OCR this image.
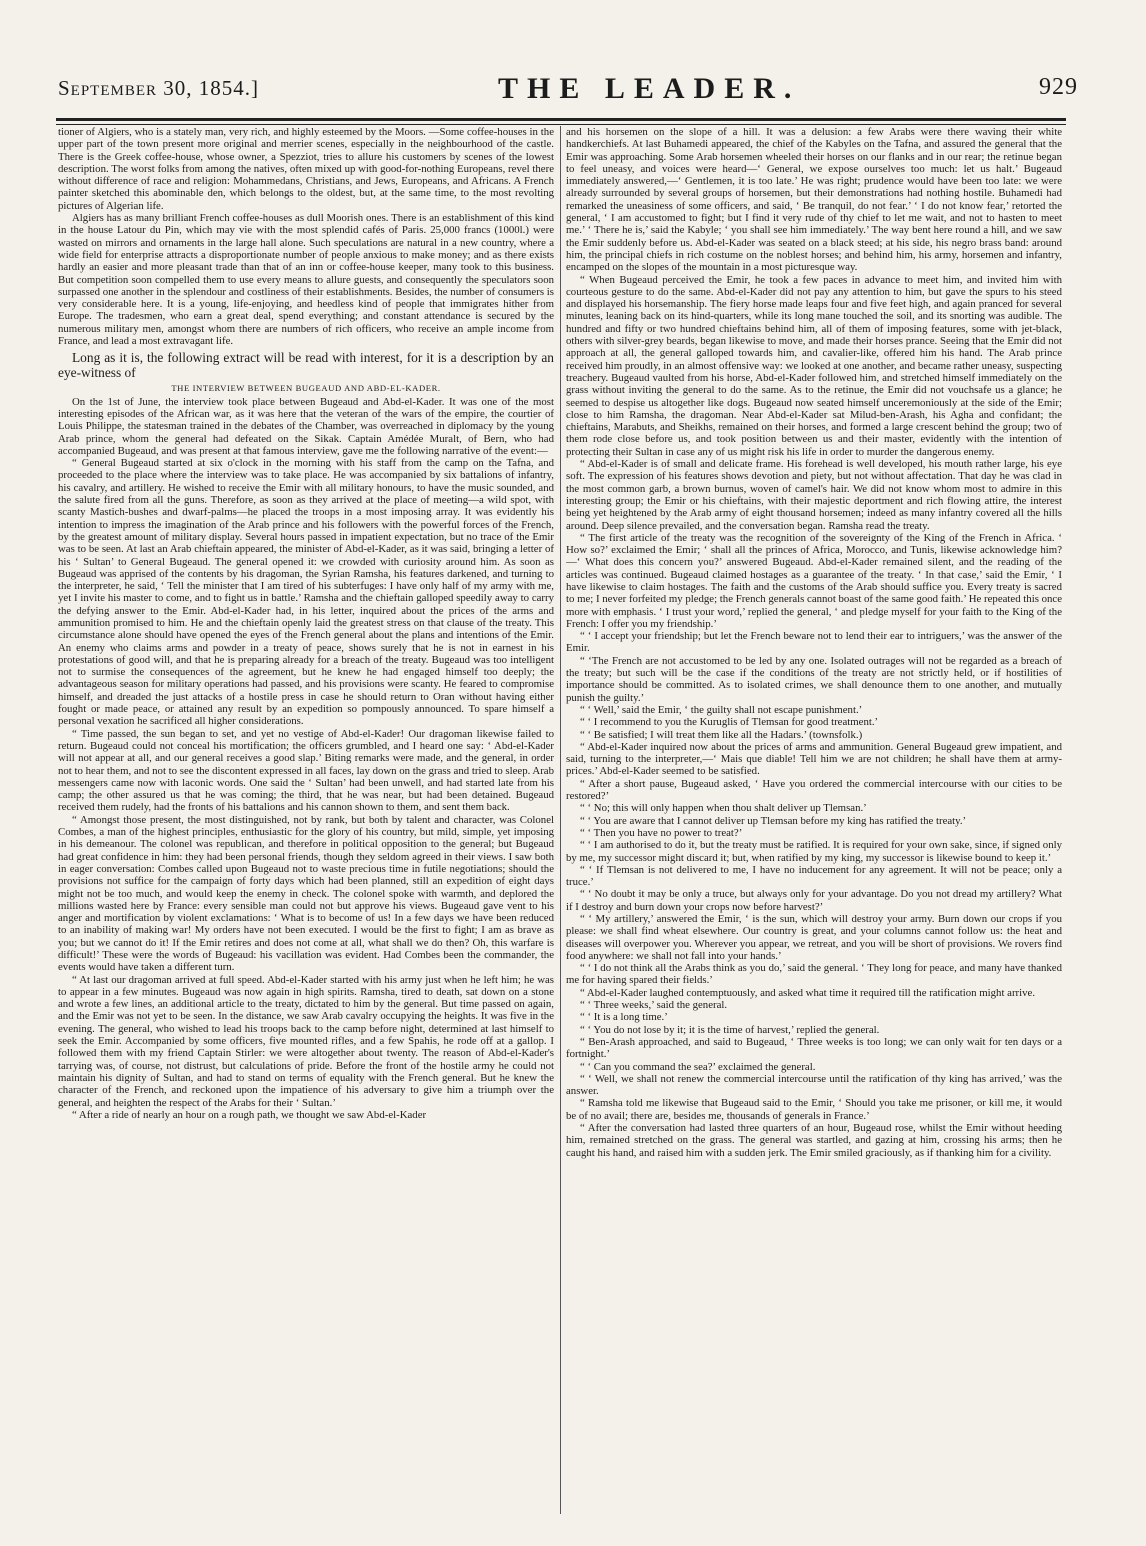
September 30, 1854.]	THE LEADER.	929

tioner of Algiers, who is a stately man, very rich, and highly esteemed by the Moors. —Some coffee-houses in the upper part of the town present more original and merrier scenes, especially in the neighbourhood of the castle. There is the Greek coffee-house, whose owner, a Spezziot, tries to allure his customers by scenes of the lowest description. The worst folks from among the natives, often mixed up with good-for-nothing Europeans, revel there without difference of race and religion: Mohammedans, Christians, and Jews, Europeans, and Africans. A French painter sketched this abominable den, which belongs to the oldest, but, at the same time, to the most revolting pictures of Algerian life.

Algiers has as many brilliant French coffee-houses as dull Moorish ones. There is an establishment of this kind in the house Latour du Pin, which may vie with the most splendid cafés of Paris. 25,000 francs (1000l.) were wasted on mirrors and ornaments in the large hall alone. Such speculations are natural in a new country, where a wide field for enterprise attracts a disproportionate number of people anxious to make money; and as there exists hardly an easier and more pleasant trade than that of an inn or coffee-house keeper, many took to this business. But competition soon compelled them to use every means to allure guests, and consequently the speculators soon surpassed one another in the splendour and costliness of their establishments. Besides, the number of consumers is very considerable here. It is a young, life-enjoying, and heedless kind of people that immigrates hither from Europe. The tradesmen, who earn a great deal, spend everything; and constant attendance is secured by the numerous military men, amongst whom there are numbers of rich officers, who receive an ample income from France, and lead a most extravagant life.

Long as it is, the following extract will be read with interest, for it is a description by an eye-witness of

THE INTERVIEW BETWEEN BUGEAUD AND ABD-EL-KADER.

On the 1st of June, the interview took place between Bugeaud and Abd-el-Kader. It was one of the most interesting episodes of the African war, as it was here that the veteran of the wars of the empire, the courtier of Louis Philippe, the statesman trained in the debates of the Chamber, was overreached in diplomacy by the young Arab prince, whom the general had defeated on the Sikak. Captain Amédée Muralt, of Bern, who had accompanied Bugeaud, and was present at that famous interview, gave me the following narrative of the event:—

“ General Bugeaud started at six o'clock in the morning with his staff from the camp on the Tafna, and proceeded to the place where the interview was to take place. He was accompanied by six battalions of infantry, his cavalry, and artillery. He wished to receive the Emir with all military honours, to have the music sounded, and the salute fired from all the guns. Therefore, as soon as they arrived at the place of meeting—a wild spot, with scanty Mastich-bushes and dwarf-palms—he placed the troops in a most imposing array. It was evidently his intention to impress the imagination of the Arab prince and his followers with the powerful forces of the French, by the greatest amount of military display. Several hours passed in impatient expectation, but no trace of the Emir was to be seen. At last an Arab chieftain appeared, the minister of Abd-el-Kader, as it was said, bringing a letter of his ‘ Sultan’ to General Bugeaud. The general opened it: we crowded with curiosity around him. As soon as Bugeaud was apprised of the contents by his dragoman, the Syrian Ramsha, his features darkened, and turning to the interpreter, he said, ‘ Tell the minister that I am tired of his subterfuges: I have only half of my army with me, yet I invite his master to come, and to fight us in battle.’ Ramsha and the chieftain galloped speedily away to carry the defying answer to the Emir. Abd-el-Kader had, in his letter, inquired about the prices of the arms and ammunition promised to him. He and the chieftain openly laid the greatest stress on that clause of the treaty. This circumstance alone should have opened the eyes of the French general about the plans and intentions of the Emir. An enemy who claims arms and powder in a treaty of peace, shows surely that he is not in earnest in his protestations of good will, and that he is preparing already for a breach of the treaty. Bugeaud was too intelligent not to surmise the consequences of the agreement, but he knew he had engaged himself too deeply; the advantageous season for military operations had passed, and his provisions were scanty. He feared to compromise himself, and dreaded the just attacks of a hostile press in case he should return to Oran without having either fought or made peace, or attained any result by an expedition so pompously announced. To spare himself a personal vexation he sacrificed all higher considerations.

“ Time passed, the sun began to set, and yet no vestige of Abd-el-Kader! Our dragoman likewise failed to return. Bugeaud could not conceal his mortification; the officers grumbled, and I heard one say: ‘ Abd-el-Kader will not appear at all, and our general receives a good slap.’ Biting remarks were made, and the general, in order not to hear them, and not to see the discontent expressed in all faces, lay down on the grass and tried to sleep. Arab messengers came now with laconic words. One said the ‘ Sultan’ had been unwell, and had started late from his camp; the other assured us that he was coming; the third, that he was near, but had been detained. Bugeaud received them rudely, had the fronts of his battalions and his cannon shown to them, and sent them back.

“ Amongst those present, the most distinguished, not by rank, but both by talent and character, was Colonel Combes, a man of the highest principles, enthusiastic for the glory of his country, but mild, simple, yet imposing in his demeanour. The colonel was republican, and therefore in political opposition to the general; but Bugeaud had great confidence in him: they had been personal friends, though they seldom agreed in their views. I saw both in eager conversation: Combes called upon Bugeaud not to waste precious time in futile negotiations; should the provisions not suffice for the campaign of forty days which had been planned, still an expedition of eight days might not be too much, and would keep the enemy in check. The colonel spoke with warmth, and deplored the millions wasted here by France: every sensible man could not but approve his views. Bugeaud gave vent to his anger and mortification by violent exclamations: ‘ What is to become of us! In a few days we have been reduced to an inability of making war! My orders have not been executed. I would be the first to fight; I am as brave as you; but we cannot do it! If the Emir retires and does not come at all, what shall we do then? Oh, this warfare is difficult!’ These were the words of Bugeaud: his vacillation was evident. Had Combes been the commander, the events would have taken a different turn.

“ At last our dragoman arrived at full speed. Abd-el-Kader started with his army just when he left him; he was to appear in a few minutes. Bugeaud was now again in high spirits. Ramsha, tired to death, sat down on a stone and wrote a few lines, an additional article to the treaty, dictated to him by the general. But time passed on again, and the Emir was not yet to be seen. In the distance, we saw Arab cavalry occupying the heights. It was five in the evening. The general, who wished to lead his troops back to the camp before night, determined at last himself to seek the Emir. Accompanied by some officers, five mounted rifles, and a few Spahis, he rode off at a gallop. I followed them with my friend Captain Stirler: we were altogether about twenty. The reason of Abd-el-Kader's tarrying was, of course, not distrust, but calculations of pride. Before the front of the hostile army he could not maintain his dignity of Sultan, and had to stand on terms of equality with the French general. But he knew the character of the French, and reckoned upon the impatience of his adversary to give him a triumph over the general, and heighten the respect of the Arabs for their ‘ Sultan.’

“ After a ride of nearly an hour on a rough path, we thought we saw Abd-el-Kader

and his horsemen on the slope of a hill. It was a delusion: a few Arabs were there waving their white handkerchiefs. At last Buhamedi appeared, the chief of the Kabyles on the Tafna, and assured the general that the Emir was approaching. Some Arab horsemen wheeled their horses on our flanks and in our rear; the retinue began to feel uneasy, and voices were heard—‘ General, we expose ourselves too much: let us halt.’ Bugeaud immediately answered,—‘ Gentlemen, it is too late.’ He was right; prudence would have been too late: we were already surrounded by several groups of horsemen, but their demonstrations had nothing hostile. Buhamedi had remarked the uneasiness of some officers, and said, ‘ Be tranquil, do not fear.’ ‘ I do not know fear,’ retorted the general, ‘ I am accustomed to fight; but I find it very rude of thy chief to let me wait, and not to hasten to meet me.’ ‘ There he is,’ said the Kabyle; ‘ you shall see him immediately.’ The way bent here round a hill, and we saw the Emir suddenly before us. Abd-el-Kader was seated on a black steed; at his side, his negro brass band: around him, the principal chiefs in rich costume on the noblest horses; and behind him, his army, horsemen and infantry, encamped on the slopes of the mountain in a most picturesque way.

“ When Bugeaud perceived the Emir, he took a few paces in advance to meet him, and invited him with courteous gesture to do the same. Abd-el-Kader did not pay any attention to him, but gave the spurs to his steed and displayed his horsemanship. The fiery horse made leaps four and five feet high, and again pranced for several minutes, leaning back on its hind-quarters, while its long mane touched the soil, and its snorting was audible. The hundred and fifty or two hundred chieftains behind him, all of them of imposing features, some with jet-black, others with silver-grey beards, began likewise to move, and made their horses prance. Seeing that the Emir did not approach at all, the general galloped towards him, and cavalier-like, offered him his hand. The Arab prince received him proudly, in an almost offensive way: we looked at one another, and became rather uneasy, suspecting treachery. Bugeaud vaulted from his horse, Abd-el-Kader followed him, and stretched himself immediately on the grass without inviting the general to do the same. As to the retinue, the Emir did not vouchsafe us a glance; he seemed to despise us altogether like dogs. Bugeaud now seated himself unceremoniously at the side of the Emir; close to him Ramsha, the dragoman. Near Abd-el-Kader sat Milud-ben-Arash, his Agha and confidant; the chieftains, Marabuts, and Sheikhs, remained on their horses, and formed a large crescent behind the group; two of them rode close before us, and took position between us and their master, evidently with the intention of protecting their Sultan in case any of us might risk his life in order to murder the dangerous enemy.

“ Abd-el-Kader is of small and delicate frame. His forehead is well developed, his mouth rather large, his eye soft. The expression of his features shows devotion and piety, but not without affectation. That day he was clad in the most common garb, a brown burnus, woven of camel's hair. We did not know whom most to admire in this interesting group; the Emir or his chieftains, with their majestic deportment and rich flowing attire, the interest being yet heightened by the Arab army of eight thousand horsemen; indeed as many infantry covered all the hills around. Deep silence prevailed, and the conversation began. Ramsha read the treaty.

“ The first article of the treaty was the recognition of the sovereignty of the King of the French in Africa. ‘ How so?’ exclaimed the Emir; ‘ shall all the princes of Africa, Morocco, and Tunis, likewise acknowledge him?—‘ What does this concern you?’ answered Bugeaud. Abd-el-Kader remained silent, and the reading of the articles was continued. Bugeaud claimed hostages as a guarantee of the treaty. ‘ In that case,’ said the Emir, ‘ I have likewise to claim hostages. The faith and the customs of the Arab should suffice you. Every treaty is sacred to me; I never forfeited my pledge; the French generals cannot boast of the same good faith.’ He repeated this once more with emphasis. ‘ I trust your word,’ replied the general, ‘ and pledge myself for your faith to the King of the French: I offer you my friendship.’

“ ‘ I accept your friendship; but let the French beware not to lend their ear to intriguers,’ was the answer of the Emir.

“ ‘The French are not accustomed to be led by any one. Isolated outrages will not be regarded as a breach of the treaty; but such will be the case if the conditions of the treaty are not strictly held, or if hostilities of importance should be committed. As to isolated crimes, we shall denounce them to one another, and mutually punish the guilty.’

“ ‘ Well,’ said the Emir, ‘ the guilty shall not escape punishment.’

“ ‘ I recommend to you the Kuruglis of Tlemsan for good treatment.’

“ ‘ Be satisfied; I will treat them like all the Hadars.’ (townsfolk.)

“ Abd-el-Kader inquired now about the prices of arms and ammunition. General Bugeaud grew impatient, and said, turning to the interpreter,—‘ Mais que diable! Tell him we are not children; he shall have them at army-prices.’ Abd-el-Kader seemed to be satisfied.

“ After a short pause, Bugeaud asked, ‘ Have you ordered the commercial intercourse with our cities to be restored?’

“ ‘ No; this will only happen when thou shalt deliver up Tlemsan.’

“ ‘ You are aware that I cannot deliver up Tlemsan before my king has ratified the treaty.’

“ ‘ Then you have no power to treat?’

“ ‘ I am authorised to do it, but the treaty must be ratified. It is required for your own sake, since, if signed only by me, my successor might discard it; but, when ratified by my king, my successor is likewise bound to keep it.’

“ ‘ If Tlemsan is not delivered to me, I have no inducement for any agreement. It will not be peace; only a truce.’

“ ‘ No doubt it may be only a truce, but always only for your advantage. Do you not dread my artillery? What if I destroy and burn down your crops now before harvest?’

“ ‘ My artillery,’ answered the Emir, ‘ is the sun, which will destroy your army. Burn down our crops if you please: we shall find wheat elsewhere. Our country is great, and your columns cannot follow us: the heat and diseases will overpower you. Wherever you appear, we retreat, and you will be short of provisions. We rovers find food anywhere: we shall not fall into your hands.’

“ ‘ I do not think all the Arabs think as you do,’ said the general. ‘ They long for peace, and many have thanked me for having spared their fields.’

“ Abd-el-Kader laughed contemptuously, and asked what time it required till the ratification might arrive.

“ ‘ Three weeks,’ said the general.

“ ‘ It is a long time.’

“ ‘ You do not lose by it; it is the time of harvest,’ replied the general.

“ Ben-Arash approached, and said to Bugeaud, ‘ Three weeks is too long; we can only wait for ten days or a fortnight.’

“ ‘ Can you command the sea?’ exclaimed the general.

“ ‘ Well, we shall not renew the commercial intercourse until the ratification of thy king has arrived,’ was the answer.

“ Ramsha told me likewise that Bugeaud said to the Emir, ‘ Should you take me prisoner, or kill me, it would be of no avail; there are, besides me, thousands of generals in France.’

“ After the conversation had lasted three quarters of an hour, Bugeaud rose, whilst the Emir without heeding him, remained stretched on the grass. The general was startled, and gazing at him, crossing his arms; then he caught his hand, and raised him with a sudden jerk. The Emir smiled graciously, as if thanking him for a civility.
